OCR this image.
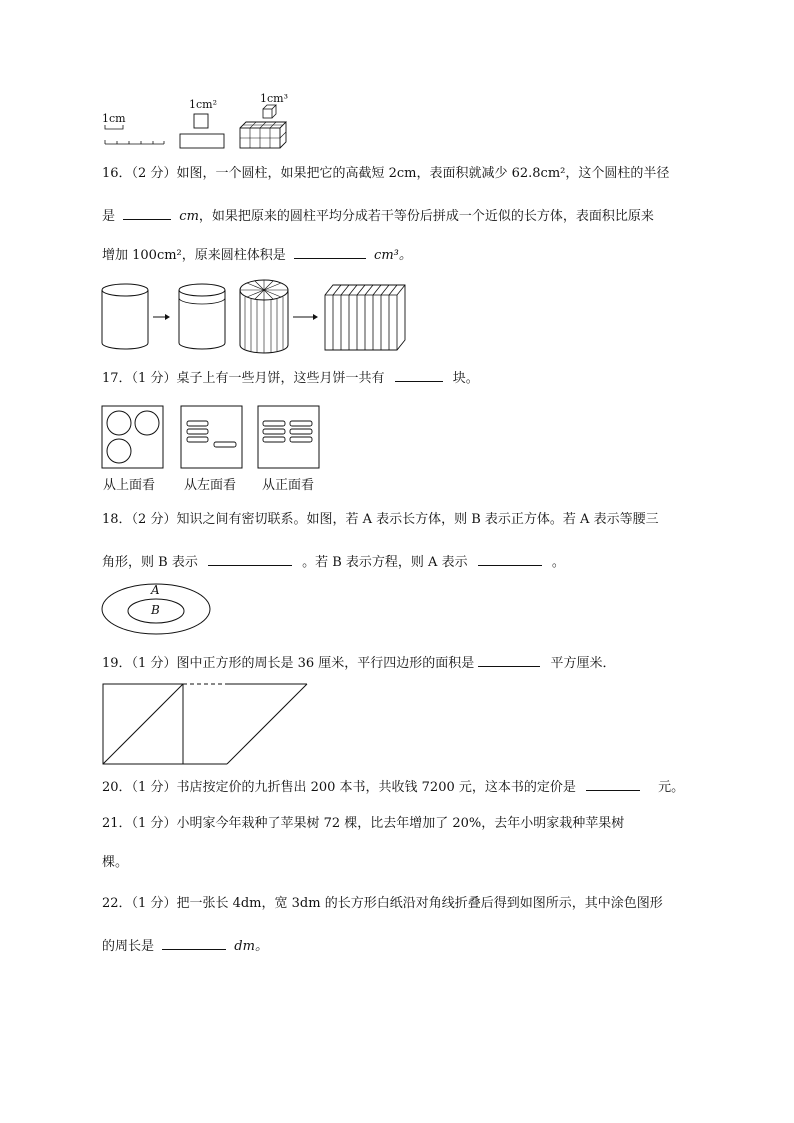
1cm
1cm²	1cm³
16．（2 分）如图，一个圆柱，如果把它的高截短 2cm，表面积就减少 62.8cm²，这个圆柱的半径
是	cm，如果把原来的圆柱平均分成若干等份后拼成一个近似的长方体，表面积比原来
增加 100cm²，原来圆柱体积是	cm³。
17．（1 分）桌子上有一些月饼，这些月饼一共有	块。
从上面看 从左面看 从正面看
18．（2 分）知识之间有密切联系。如图，若 A 表示长方体，则 B 表示正方体。若 A 表示等腰三
角形，则 B 表示	。若 B 表示方程，则 A 表示	。
A
B
19．（1 分）图中正方形的周长是 36 厘米，平行四边形的面积是	平方厘米．
20．（1 分）书店按定价的九折售出 200 本书，共收钱 7200 元，这本书的定价是	元。
21．（1 分）小明家今年栽种了苹果树 72 棵，比去年增加了 20%，去年小明家栽种苹果树
棵。
22．（1 分）把一张长 4dm，宽 3dm 的长方形白纸沿对角线折叠后得到如图所示，其中涂色图形
的周长是	dm。
